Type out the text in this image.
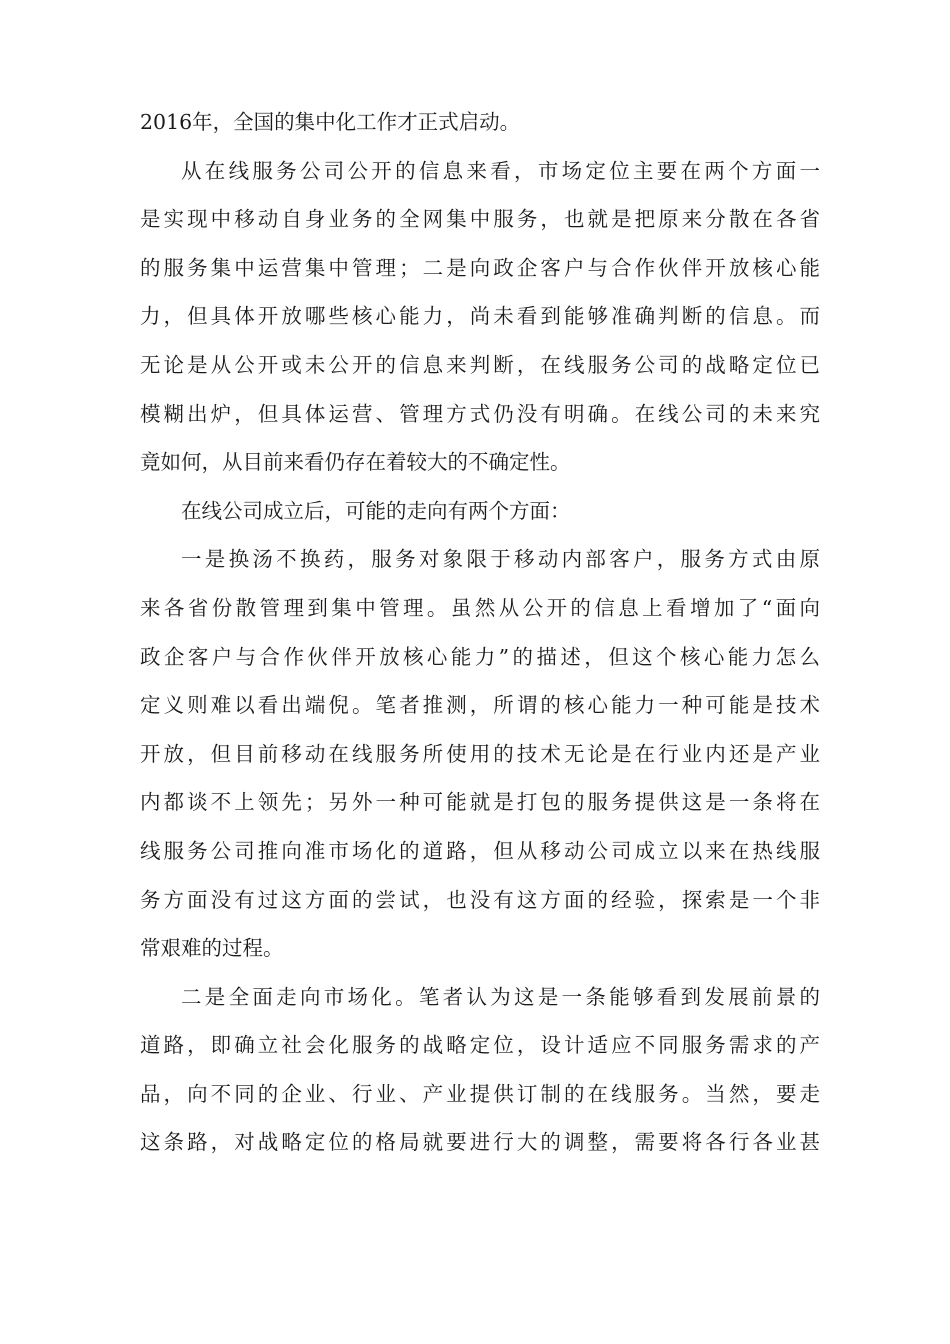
2016年，全国的集中化工作才正式启动。
从在线服务公司公开的信息来看，市场定位主要在两个方面一
是实现中移动自身业务的全网集中服务，也就是把原来分散在各省
的服务集中运营集中管理；二是向政企客户与合作伙伴开放核心能
力，但具体开放哪些核心能力，尚未看到能够准确判断的信息。而
无论是从公开或未公开的信息来判断，在线服务公司的战略定位已
模糊出炉，但具体运营、管理方式仍没有明确。在线公司的未来究
竟如何，从目前来看仍存在着较大的不确定性。
在线公司成立后，可能的走向有两个方面：
一是换汤不换药，服务对象限于移动内部客户，服务方式由原
来各省份散管理到集中管理。虽然从公开的信息上看增加了“面向
政企客户与合作伙伴开放核心能力”的描述，但这个核心能力怎么
定义则难以看出端倪。笔者推测，所谓的核心能力一种可能是技术
开放，但目前移动在线服务所使用的技术无论是在行业内还是产业
内都谈不上领先；另外一种可能就是打包的服务提供这是一条将在
线服务公司推向准市场化的道路，但从移动公司成立以来在热线服
务方面没有过这方面的尝试，也没有这方面的经验，探索是一个非
常艰难的过程。
二是全面走向市场化。笔者认为这是一条能够看到发展前景的
道路，即确立社会化服务的战略定位，设计适应不同服务需求的产
品，向不同的企业、行业、产业提供订制的在线服务。当然，要走
这条路，对战略定位的格局就要进行大的调整，需要将各行各业甚
